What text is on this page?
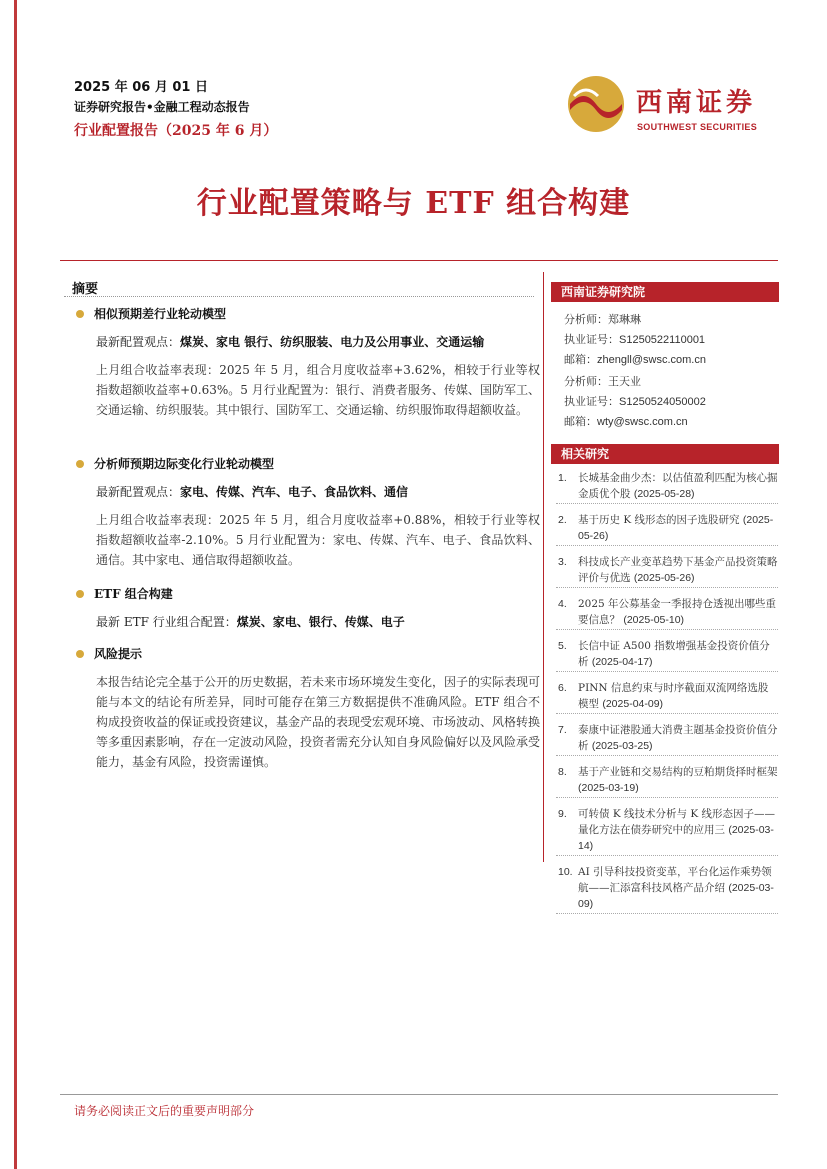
2025 年 06 月 01 日
证券研究报告•金融工程动态报告
行业配置报告（2025 年 6 月）
西南证券
SOUTHWEST SECURITIES
行业配置策略与 ETF 组合构建
摘要
相似预期差行业轮动模型
最新配置观点：煤炭、家电 银行、纺织服装、电力及公用事业、交通运输
上月组合收益率表现：2025 年 5 月，组合月度收益率+3.62%，相较于行业等权指数超额收益率+0.63%。5 月行业配置为：银行、消费者服务、传媒、国防军工、交通运输、纺织服装。其中银行、国防军工、交通运输、纺织服饰取得超额收益。
分析师预期边际变化行业轮动模型
最新配置观点：家电、传媒、汽车、电子、食品饮料、通信
上月组合收益率表现：2025 年 5 月，组合月度收益率+0.88%，相较于行业等权指数超额收益率-2.10%。5 月行业配置为：家电、传媒、汽车、电子、食品饮料、通信。其中家电、通信取得超额收益。
ETF 组合构建
最新 ETF 行业组合配置：煤炭、家电、银行、传媒、电子
风险提示
本报告结论完全基于公开的历史数据，若未来市场环境发生变化，因子的实际表现可能与本文的结论有所差异，同时可能存在第三方数据提供不准确风险。ETF 组合不构成投资收益的保证或投资建议，基金产品的表现受宏观环境、市场波动、风格转换等多重因素影响，存在一定波动风险，投资者需充分认知自身风险偏好以及风险承受能力，基金有风险，投资需谨慎。
西南证券研究院
分析师：郑琳琳
执业证号：S1250522110001
邮箱：zhengll@swsc.com.cn
分析师：王天业
执业证号：S1250524050002
邮箱：wty@swsc.com.cn
相关研究
1. 长城基金曲少杰：以估值盈利匹配为核心掘金质优个股 (2025-05-28)
2. 基于历史 K 线形态的因子选股研究 (2025-05-26)
3. 科技成长产业变革趋势下基金产品投资策略评价与优选 (2025-05-26)
4. 2025 年公募基金一季报持仓透视出哪些重要信息？ (2025-05-10)
5. 长信中证 A500 指数增强基金投资价值分析 (2025-04-17)
6. PINN 信息约束与时序截面双流网络选股模型 (2025-04-09)
7. 泰康中证港股通大消费主题基金投资价值分析 (2025-03-25)
8. 基于产业链和交易结构的豆粕期货择时框架 (2025-03-19)
9. 可转债 K 线技术分析与 K 线形态因子——量化方法在债券研究中的应用三 (2025-03-14)
10. AI 引导科技投资变革，平台化运作乘势领航——汇添富科技风格产品介绍 (2025-03-09)
请务必阅读正文后的重要声明部分
